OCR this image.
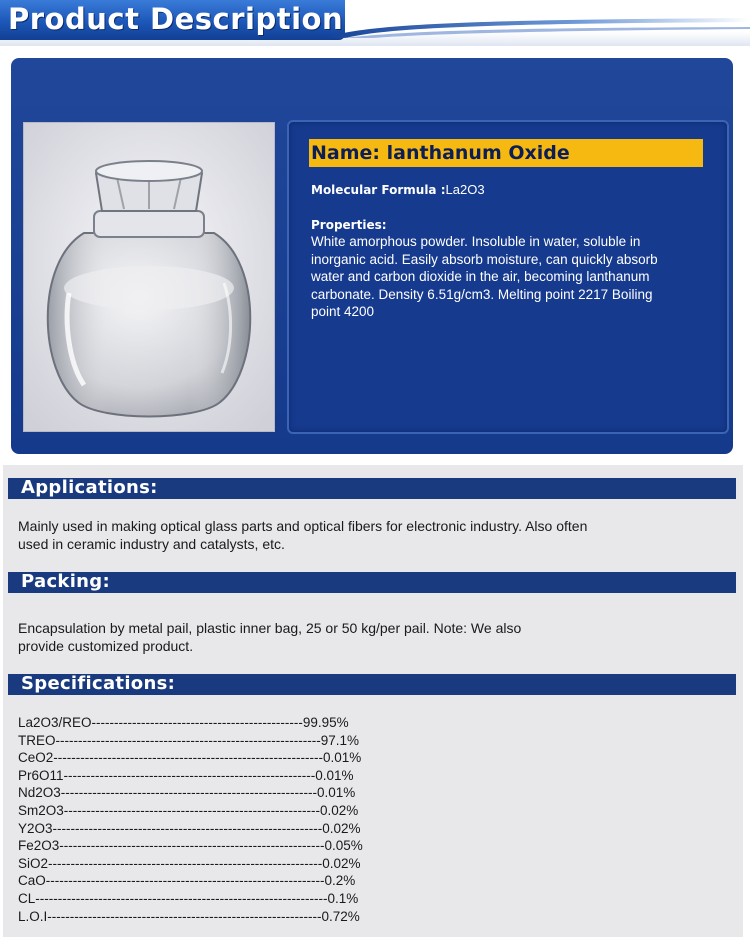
Product Description
Name: lanthanum Oxide
Molecular Formula :La2O3
Properties:
White amorphous powder. Insoluble in water, soluble in inorganic acid. Easily absorb moisture, can quickly absorb water and carbon dioxide in the air, becoming lanthanum carbonate. Density 6.51g/cm3. Melting point 2217 Boiling point 4200
Applications:
Mainly used in making optical glass parts and optical fibers for electronic industry. Also often used in ceramic industry and catalysts, etc.
Packing:
Encapsulation by metal pail, plastic inner bag, 25 or 50 kg/per pail. Note: We also provide customized product.
Specifications:
La2O3/REO-----------------------------------------------99.95%
TREO-----------------------------------------------------------97.1%
CeO2------------------------------------------------------------0.01%
Pr6O11--------------------------------------------------------0.01%
Nd2O3---------------------------------------------------------0.01%
Sm2O3---------------------------------------------------------0.02%
Y2O3------------------------------------------------------------0.02%
Fe2O3-----------------------------------------------------------0.05%
SiO2-------------------------------------------------------------0.02%
CaO--------------------------------------------------------------0.2%
CL-----------------------------------------------------------------0.1%
L.O.I-------------------------------------------------------------0.72%
